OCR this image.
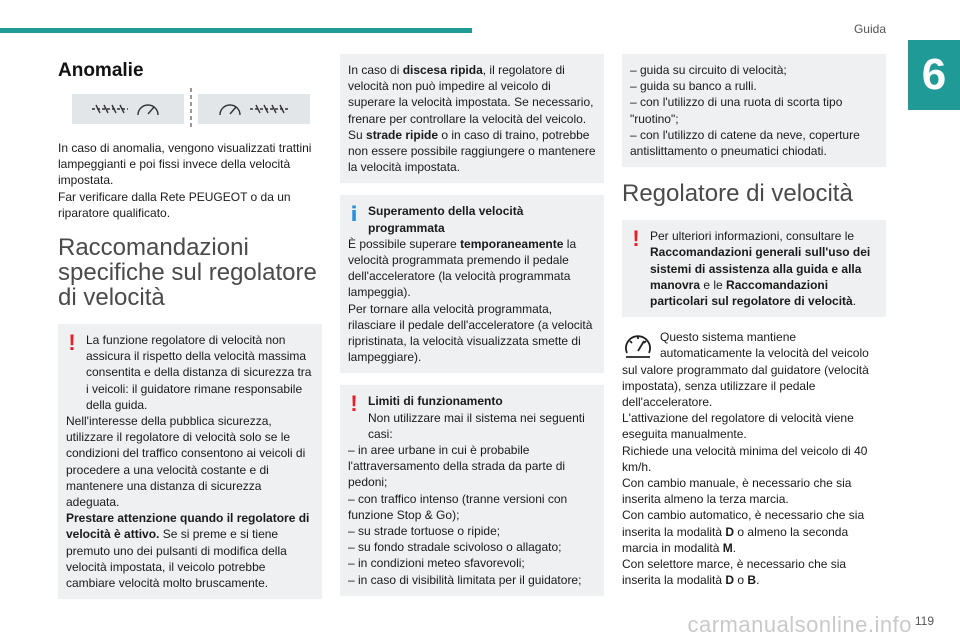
Guida
6
Anomalie

In caso di anomalia, vengono visualizzati trattini lampeggianti e poi fissi invece della velocità impostata.

Far verificare dalla Rete PEUGEOT o da un riparatore qualificato.

Raccomandazioni specifiche sul regolatore di velocità
! La funzione regolatore di velocità non assicura il rispetto della velocità massima consentita e della distanza di sicurezza tra i veicoli: il guidatore rimane responsabile della guida.

Nell'interesse della pubblica sicurezza, utilizzare il regolatore di velocità solo se le condizioni del traffico consentono ai veicoli di procedere a una velocità costante e di mantenere una distanza di sicurezza adeguata.

Prestare attenzione quando il regolatore di velocità è attivo. Se si preme e si tiene premuto uno dei pulsanti di modifica della velocità impostata, il veicolo potrebbe cambiare velocità molto bruscamente.

In caso di discesa ripida, il regolatore di velocità non può impedire al veicolo di superare la velocità impostata. Se necessario, frenare per controllare la velocità del veicolo.

Su strade ripide o in caso di traino, potrebbe non essere possibile raggiungere o mantenere la velocità impostata.

i Superamento della velocità programmata

È possibile superare temporaneamente la velocità programmata premendo il pedale dell'acceleratore (la velocità programmata lampeggia).

Per tornare alla velocità programmata, rilasciare il pedale dell'acceleratore (a velocità ripristinata, la velocità visualizzata smette di lampeggiare).

! Limiti di funzionamento

Non utilizzare mai il sistema nei seguenti casi:

– in aree urbane in cui è probabile l'attraversamento della strada da parte di pedoni;

– con traffico intenso (tranne versioni con funzione Stop & Go);

– su strade tortuose o ripide;

– su fondo stradale scivoloso o allagato;

– in condizioni meteo sfavorevoli;

– in caso di visibilità limitata per il guidatore;

– guida su circuito di velocità;

– guida su banco a rulli.

– con l'utilizzo di una ruota di scorta tipo "ruotino";

– con l'utilizzo di catene da neve, coperture antislittamento o pneumatici chiodati.

Regolatore di velocità
! Per ulteriori informazioni, consultare le Raccomandazioni generali sull'uso dei sistemi di assistenza alla guida e alla manovra e le Raccomandazioni particolari sul regolatore di velocità.

Questo sistema mantiene automaticamente la velocità del veicolo sul valore programmato dal guidatore (velocità impostata), senza utilizzare il pedale dell'acceleratore.

L'attivazione del regolatore di velocità viene eseguita manualmente.

Richiede una velocità minima del veicolo di 40 km/h.

Con cambio manuale, è necessario che sia inserita almeno la terza marcia.

Con cambio automatico, è necessario che sia inserita la modalità D o almeno la seconda marcia in modalità M.

Con selettore marce, è necessario che sia inserita la modalità D o B.

carmanualsonline.info 119
